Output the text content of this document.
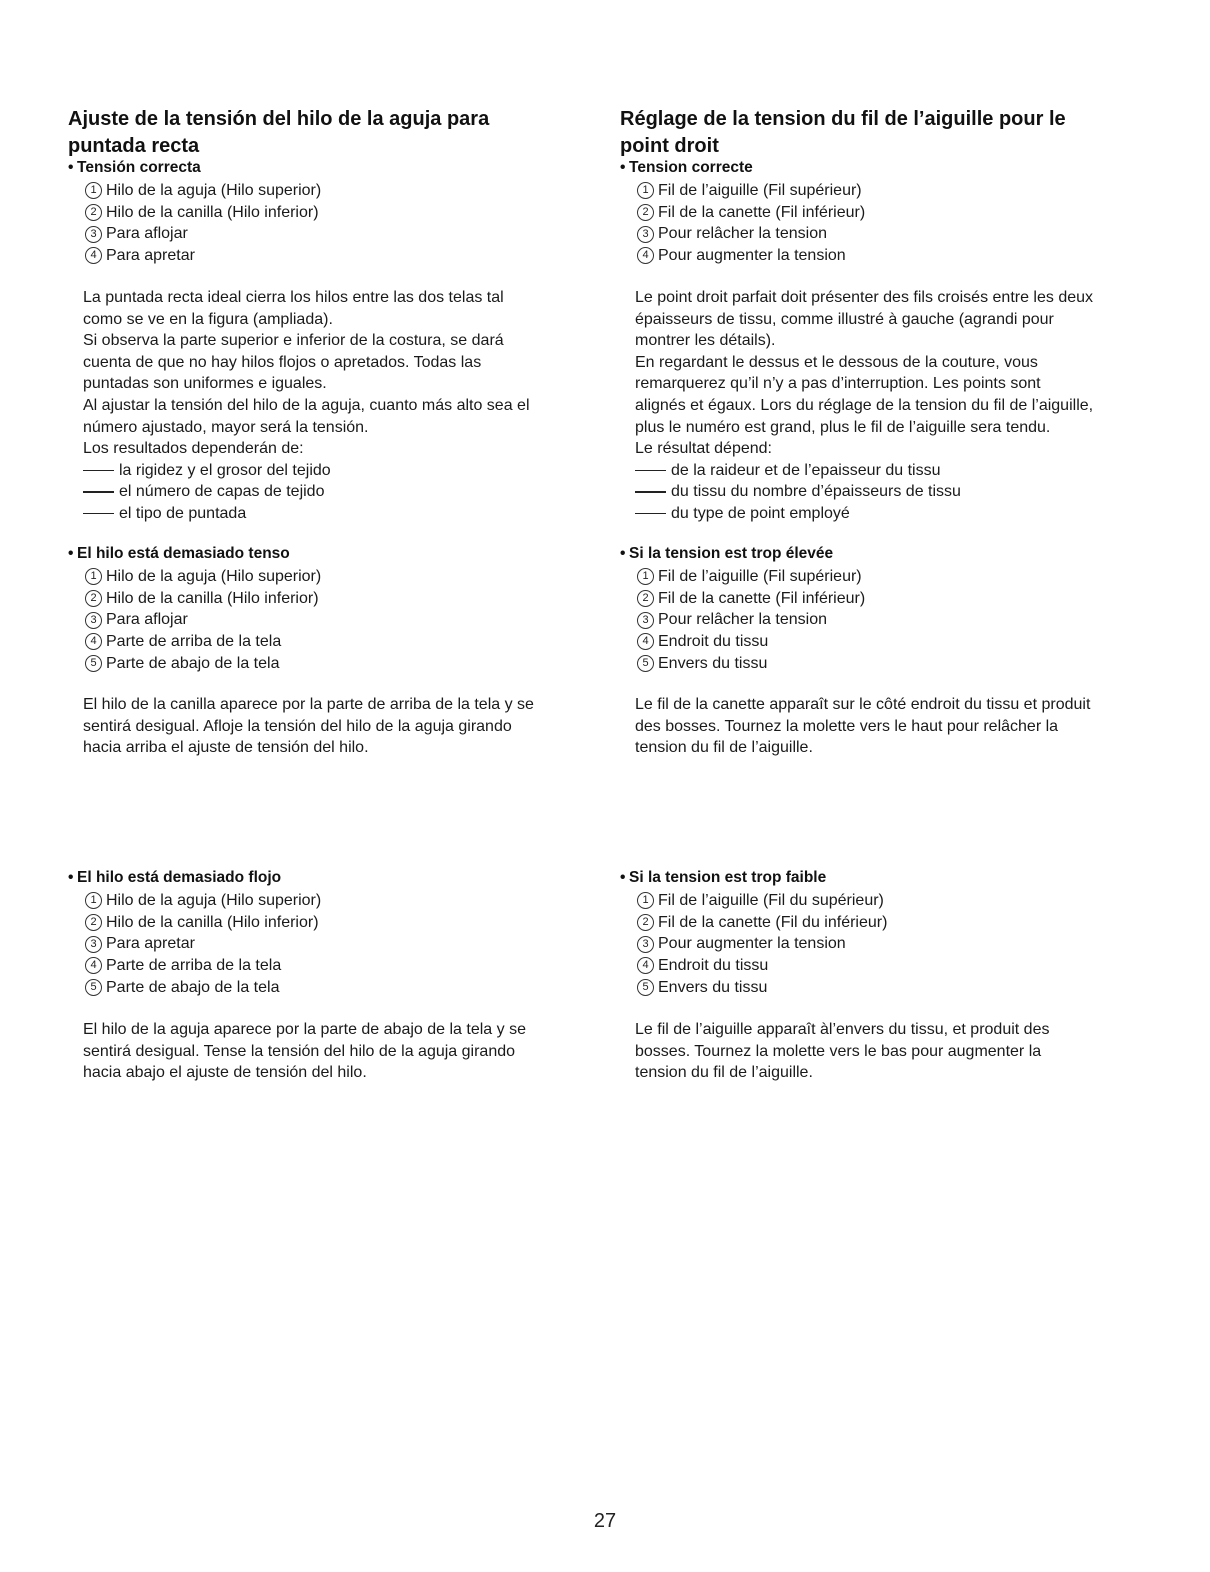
Ajuste de la tensión del hilo de la aguja para
puntada recta
• Tensión correcta
1 Hilo de la aguja (Hilo superior)
2 Hilo de la canilla (Hilo inferior)
3 Para aflojar
4 Para apretar

La puntada recta ideal cierra los hilos entre las dos telas tal

como se ve en la figura (ampliada).

Si observa la parte superior e inferior de la costura, se dará

cuenta de que no hay hilos flojos o apretados. Todas las

puntadas son uniformes e iguales.

Al ajustar la tensión del hilo de la aguja, cuanto más alto sea el

número ajustado, mayor será la tensión.

Los resultados dependerán de:

la rigidez y el grosor del tejido

el número de capas de tejido

el tipo de puntada

• El hilo está demasiado tenso
1 Hilo de la aguja (Hilo superior)
2 Hilo de la canilla (Hilo inferior)
3 Para aflojar
4 Parte de arriba de la tela
5 Parte de abajo de la tela

El hilo de la canilla aparece por la parte de arriba de la tela y se

sentirá desigual. Afloje la tensión del hilo de la aguja girando

hacia arriba el ajuste de tensión del hilo.

• El hilo está demasiado flojo
1 Hilo de la aguja (Hilo superior)
2 Hilo de la canilla (Hilo inferior)
3 Para apretar
4 Parte de arriba de la tela
5 Parte de abajo de la tela

El hilo de la aguja aparece por la parte de abajo de la tela y se

sentirá desigual. Tense la tensión del hilo de la aguja girando

hacia abajo el ajuste de tensión del hilo.

Réglage de la tension du fil de l’aiguille pour le
point droit
• Tension correcte
1 Fil de l’aiguille (Fil supérieur)
2 Fil de la canette (Fil inférieur)
3 Pour relâcher la tension
4 Pour augmenter la tension

Le point droit parfait doit présenter des fils croisés entre les deux

épaisseurs de tissu, comme illustré à gauche (agrandi pour

montrer les détails).

En regardant le dessus et le dessous de la couture, vous

remarquerez qu’il n’y a pas d’interruption. Les points sont

alignés et égaux. Lors du réglage de la tension du fil de l’aiguille,

plus le numéro est grand, plus le fil de l’aiguille sera tendu.

Le résultat dépend:

de la raideur et de l’epaisseur du tissu

du tissu du nombre d’épaisseurs de tissu

du type de point employé

• Si la tension est trop élevée
1 Fil de l’aiguille (Fil supérieur)
2 Fil de la canette (Fil inférieur)
3 Pour relâcher la tension
4 Endroit du tissu
5 Envers du tissu

Le fil de la canette apparaît sur le côté endroit du tissu et produit

des bosses. Tournez la molette vers le haut pour relâcher la

tension du fil de l’aiguille.

• Si la tension est trop faible
1 Fil de l’aiguille (Fil du supérieur)
2 Fil de la canette (Fil du inférieur)
3 Pour augmenter la tension
4 Endroit du tissu
5 Envers du tissu

Le fil de l’aiguille apparaît àl’envers du tissu, et produit des

bosses. Tournez la molette vers le bas pour augmenter la

tension du fil de l’aiguille.

27
